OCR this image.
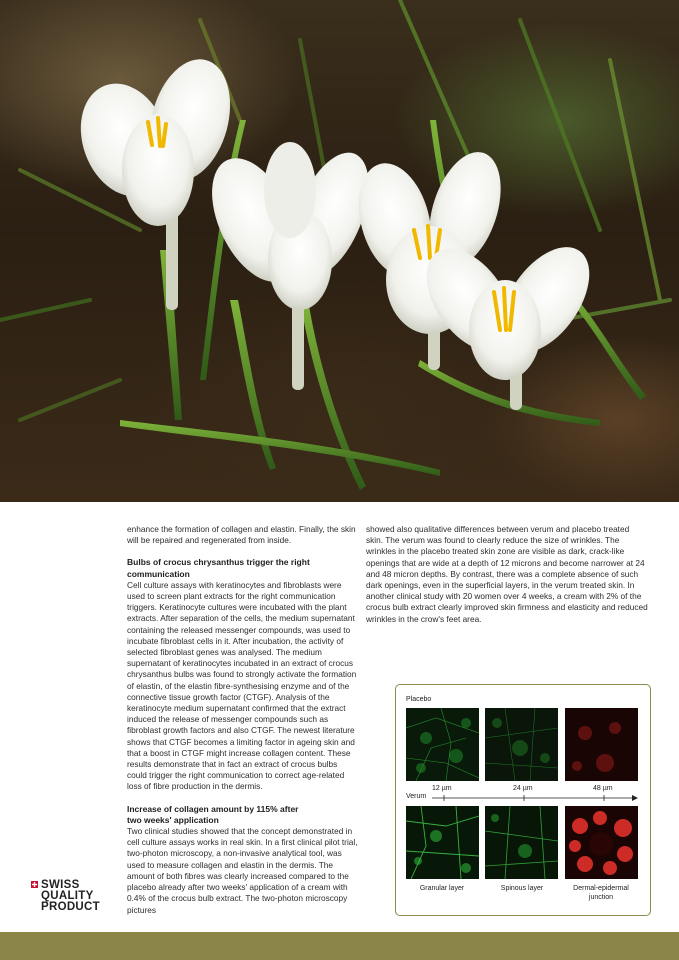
enhance the formation of collagen and elastin. Finally, the skin will be repaired and regenerated from inside.

Bulbs of crocus chrysanthus trigger the right communication

Cell culture assays with keratinocytes and fibroblasts were used to screen plant extracts for the right communication triggers. Keratinocyte cultures were incubated with the plant extracts. After separation of the cells, the medium supernatant containing the released messenger compounds, was used to incubate fibroblast cells in it. After incubation, the activity of selected fibroblast genes was analysed. The medium supernatant of keratinocytes incubated in an extract of crocus chrysanthus bulbs was found to strongly activate the formation of elastin, of the elastin fibre-synthesising enzyme and of the connective tissue growth factor (CTGF). Analysis of the keratinocyte medium supernatant confirmed that the extract induced the release of messenger compounds such as fibroblast growth factors and also CTGF. The newest literature shows that CTGF becomes a limiting factor in ageing skin and that a boost in CTGF might increase collagen content. These results demonstrate that in fact an extract of crocus bulbs could trigger the right communication to correct age-related loss of fibre production in the dermis.

Increase of collagen amount by 115% after
two weeks' application

Two clinical studies showed that the concept demonstrated in cell culture assays works in real skin. In a first clinical pilot trial, two-photon microscopy, a non-invasive analytical tool, was used to measure collagen and elastin in the dermis. The amount of both fibres was clearly increased compared to the placebo already after two weeks' application of a cream with 0.4% of the crocus bulb extract. The two-photon microscopy pictures

showed also qualitative differences between verum and placebo treated skin. The verum was found to clearly reduce the size of wrinkles. The wrinkles in the placebo treated skin zone are visible as dark, crack-like openings that are wide at a depth of 12 microns and become narrower at 24 and 48 micron depths. By contrast, there was a complete absence of such dark openings, even in the superficial layers, in the verum treated skin. In another clinical study with 20 women over 4 weeks, a cream with 2% of the crocus bulb extract clearly improved skin firmness and elasticity and reduced wrinkles in the crow's feet area.

Placebo
12 µm	24 µm	48 µm
Verum
Granular layer	Spinous layer	Dermal-epidermal junction
SWISS
QUALITY
PRODUCT
